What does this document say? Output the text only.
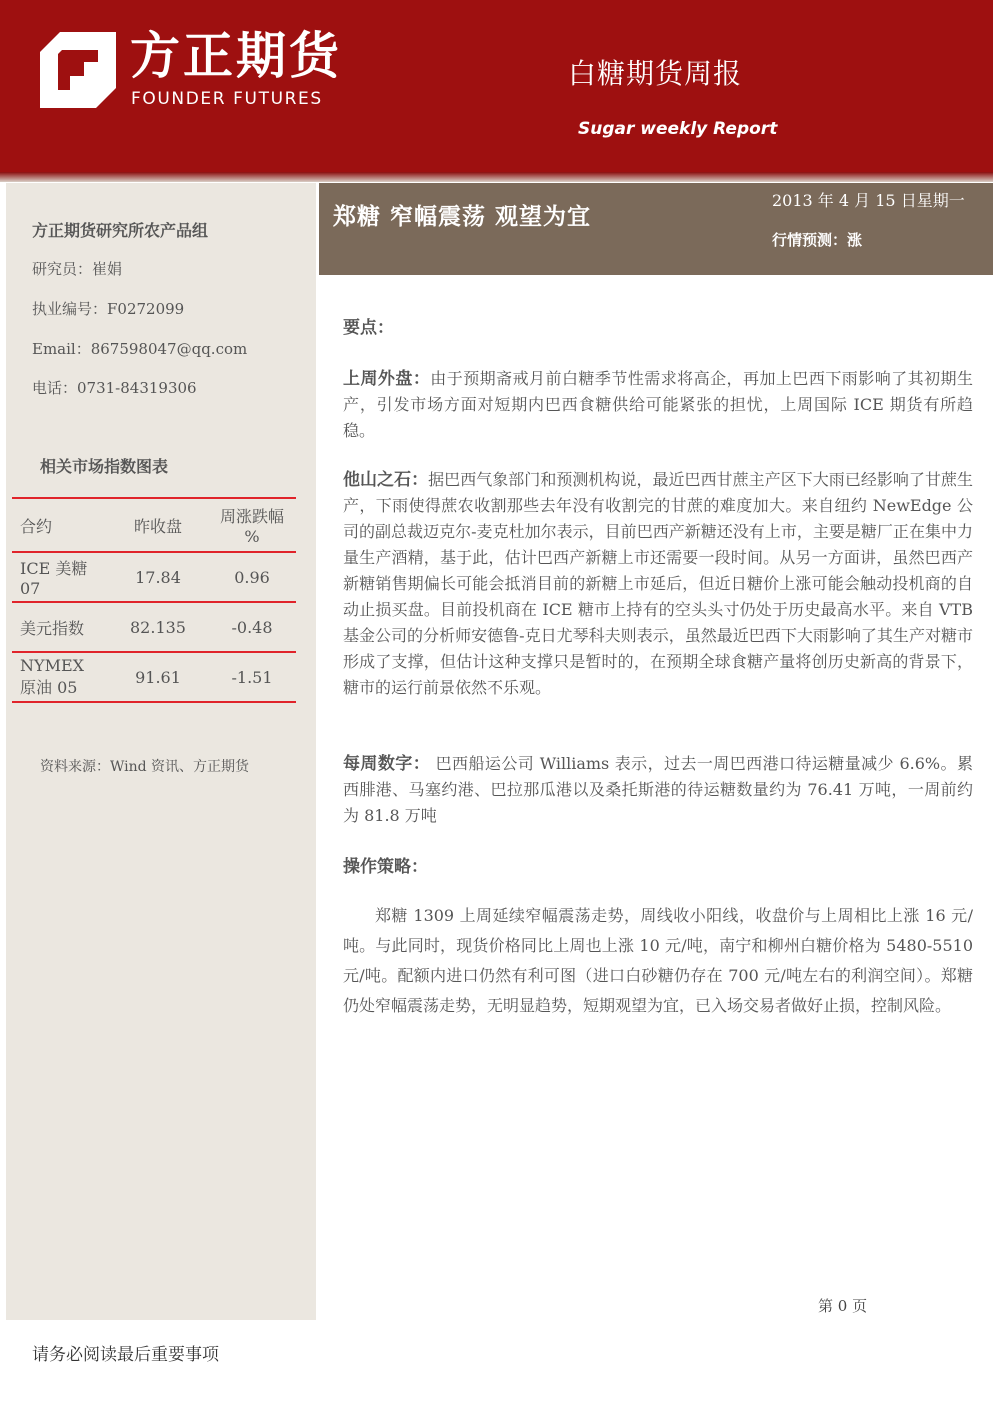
方正期货
FOUNDER FUTURES
白糖期货周报
Sugar weekly Report
方正期货研究所农产品组
研究员：崔娟
执业编号：F0272099
Email：867598047@qq.com
电话：0731-84319306
相关市场指数图表
合约	昨收盘	周涨跌幅 %
ICE 美糖 07	17.84	0.96
美元指数	82.135	-0.48
NYMEX 原油 05	91.61	-1.51
资料来源：Wind 资讯、方正期货
郑糖 窄幅震荡 观望为宜
2013 年 4 月 15 日星期一
行情预测：涨
要点：
上周外盘：由于预期斋戒月前白糖季节性需求将高企，再加上巴西下雨影响了其初期生产，引发市场方面对短期内巴西食糖供给可能紧张的担忧，上周国际 ICE 期货有所趋稳。
他山之石：据巴西气象部门和预测机构说，最近巴西甘蔗主产区下大雨已经影响了甘蔗生产，下雨使得蔗农收割那些去年没有收割完的甘蔗的难度加大。来自纽约 NewEdge 公司的副总裁迈克尔-麦克杜加尔表示，目前巴西产新糖还没有上市，主要是糖厂正在集中力量生产酒精，基于此，估计巴西产新糖上市还需要一段时间。从另一方面讲，虽然巴西产新糖销售期偏长可能会抵消目前的新糖上市延后，但近日糖价上涨可能会触动投机商的自动止损买盘。目前投机商在 ICE 糖市上持有的空头头寸仍处于历史最高水平。来自 VTB 基金公司的分析师安德鲁-克日尤琴科夫则表示，虽然最近巴西下大雨影响了其生产对糖市形成了支撑，但估计这种支撑只是暂时的，在预期全球食糖产量将创历史新高的背景下，糖市的运行前景依然不乐观。
每周数字： 巴西船运公司 Williams 表示，过去一周巴西港口待运糖量减少 6.6%。累西腓港、马塞约港、巴拉那瓜港以及桑托斯港的待运糖数量约为 76.41 万吨，一周前约为 81.8 万吨
操作策略：
郑糖 1309 上周延续窄幅震荡走势，周线收小阳线，收盘价与上周相比上涨 16 元/吨。与此同时，现货价格同比上周也上涨 10 元/吨，南宁和柳州白糖价格为 5480-5510 元/吨。配额内进口仍然有利可图（进口白砂糖仍存在 700 元/吨左右的利润空间）。郑糖仍处窄幅震荡走势，无明显趋势，短期观望为宜，已入场交易者做好止损，控制风险。
第 0 页
请务必阅读最后重要事项
